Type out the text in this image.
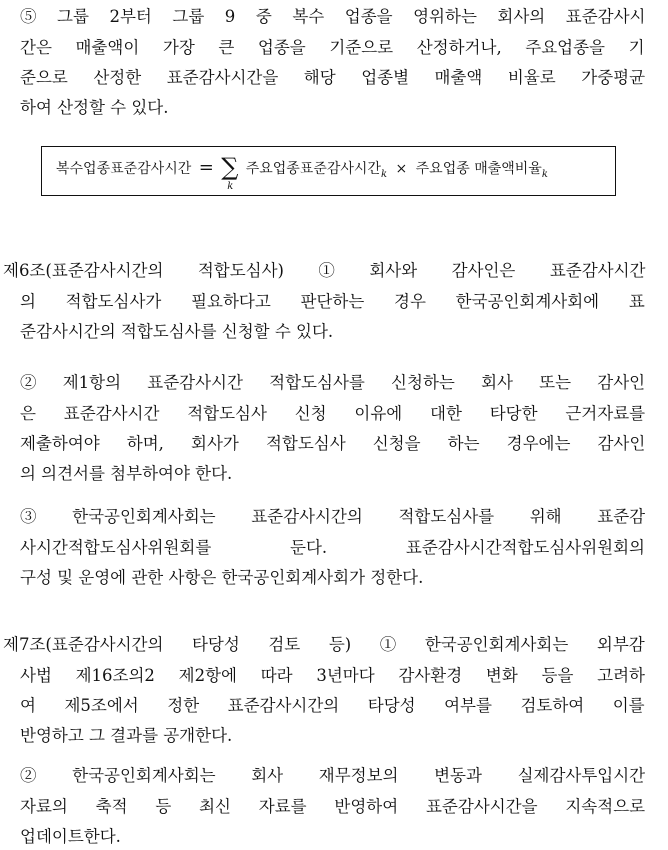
⑤ 그룹 2부터 그룹 9 중 복수 업종을 영위하는 회사의 표준감사시
간은 매출액이 가장 큰 업종을 기준으로 산정하거나, 주요업종을 기
준으로 산정한 표준감사시간을 해당 업종별 매출액 비율로 가중평균
하여 산정할 수 있다.
복수업종표준감사시간 = ∑
k
주요업종표준감사시간$_k$ × 주요업종 매출액비율$_k$
제6조(표준감사시간의 적합도심사) ① 회사와 감사인은 표준감사시간
의 적합도심사가 필요하다고 판단하는 경우 한국공인회계사회에 표
준감사시간의 적합도심사를 신청할 수 있다.
② 제1항의 표준감사시간 적합도심사를 신청하는 회사 또는 감사인
은 표준감사시간 적합도심사 신청 이유에 대한 타당한 근거자료를
제출하여야 하며, 회사가 적합도심사 신청을 하는 경우에는 감사인
의 의견서를 첨부하여야 한다.
③ 한국공인회계사회는 표준감사시간의 적합도심사를 위해 표준감
사시간적합도심사위원회를 둔다. 표준감사시간적합도심사위원회의
구성 및 운영에 관한 사항은 한국공인회계사회가 정한다.
제7조(표준감사시간의 타당성 검토 등) ① 한국공인회계사회는 외부감
사법 제16조의2 제2항에 따라 3년마다 감사환경 변화 등을 고려하
여 제5조에서 정한 표준감사시간의 타당성 여부를 검토하여 이를
반영하고 그 결과를 공개한다.
② 한국공인회계사회는 회사 재무정보의 변동과 실제감사투입시간
자료의 축적 등 최신 자료를 반영하여 표준감사시간을 지속적으로
업데이트한다.
